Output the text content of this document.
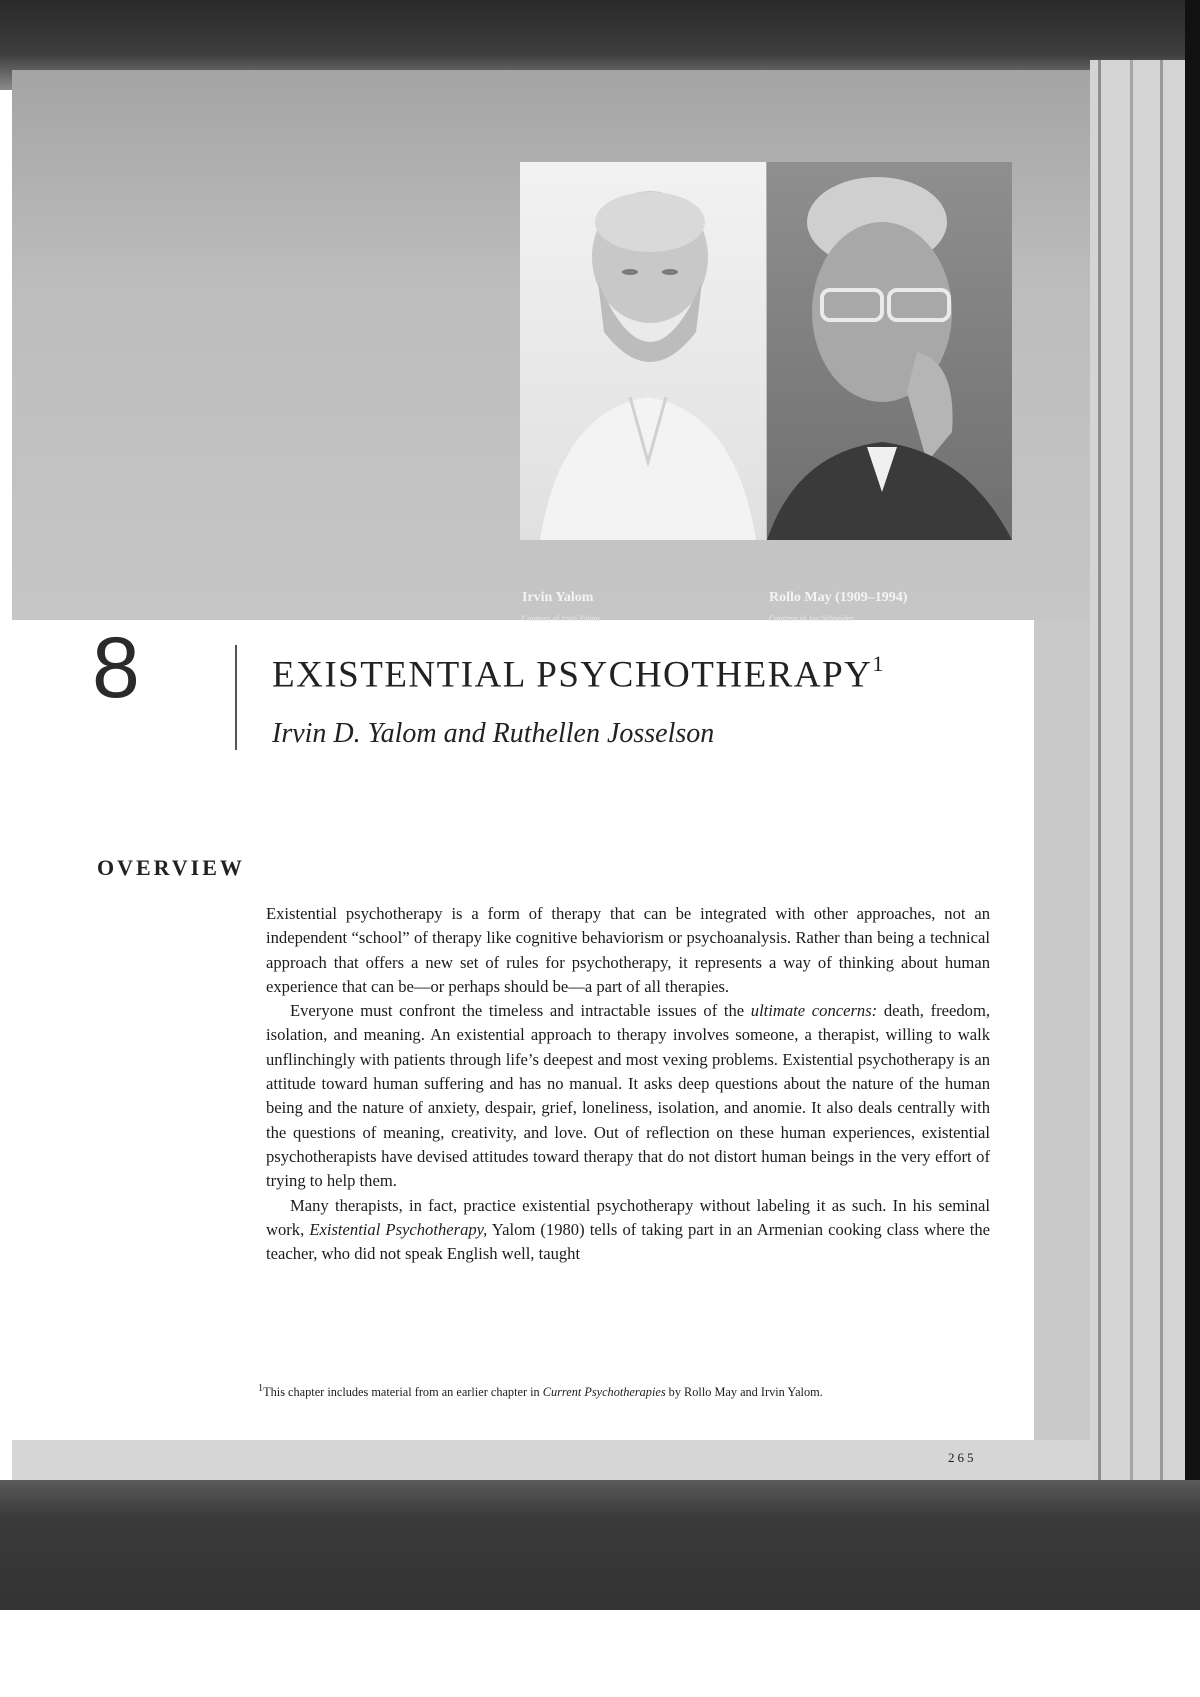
Irvin Yalom
Courtesy of Irvin Yalom
Rollo May (1909–1994)
Courtesy of Jan Schneider
8	EXISTENTIAL PSYCHOTHERAPY$^1$
Irvin D. Yalom and Ruthellen Josselson
OVERVIEW

Existential psychotherapy is a form of therapy that can be integrated with other approaches, not an independent “school” of therapy like cognitive behaviorism or psychoanalysis. Rather than being a technical approach that offers a new set of rules for psychotherapy, it represents a way of thinking about human experience that can be—or perhaps should be—a part of all therapies.

Everyone must confront the timeless and intractable issues of the ultimate concerns: death, freedom, isolation, and meaning. An existential approach to therapy involves someone, a therapist, willing to walk unflinchingly with patients through life’s deepest and most vexing problems. Existential psychotherapy is an attitude toward human suffering and has no manual. It asks deep questions about the nature of the human being and the nature of anxiety, despair, grief, loneliness, isolation, and anomie. It also deals centrally with the questions of meaning, creativity, and love. Out of reflection on these human experiences, existential psychotherapists have devised attitudes toward therapy that do not distort human beings in the very effort of trying to help them.

Many therapists, in fact, practice existential psychotherapy without labeling it as such. In his seminal work, Existential Psychotherapy, Yalom (1980) tells of taking part in an Armenian cooking class where the teacher, who did not speak English well, taught

$^1$This chapter includes material from an earlier chapter in Current Psychotherapies by Rollo May and Irvin Yalom.
265
